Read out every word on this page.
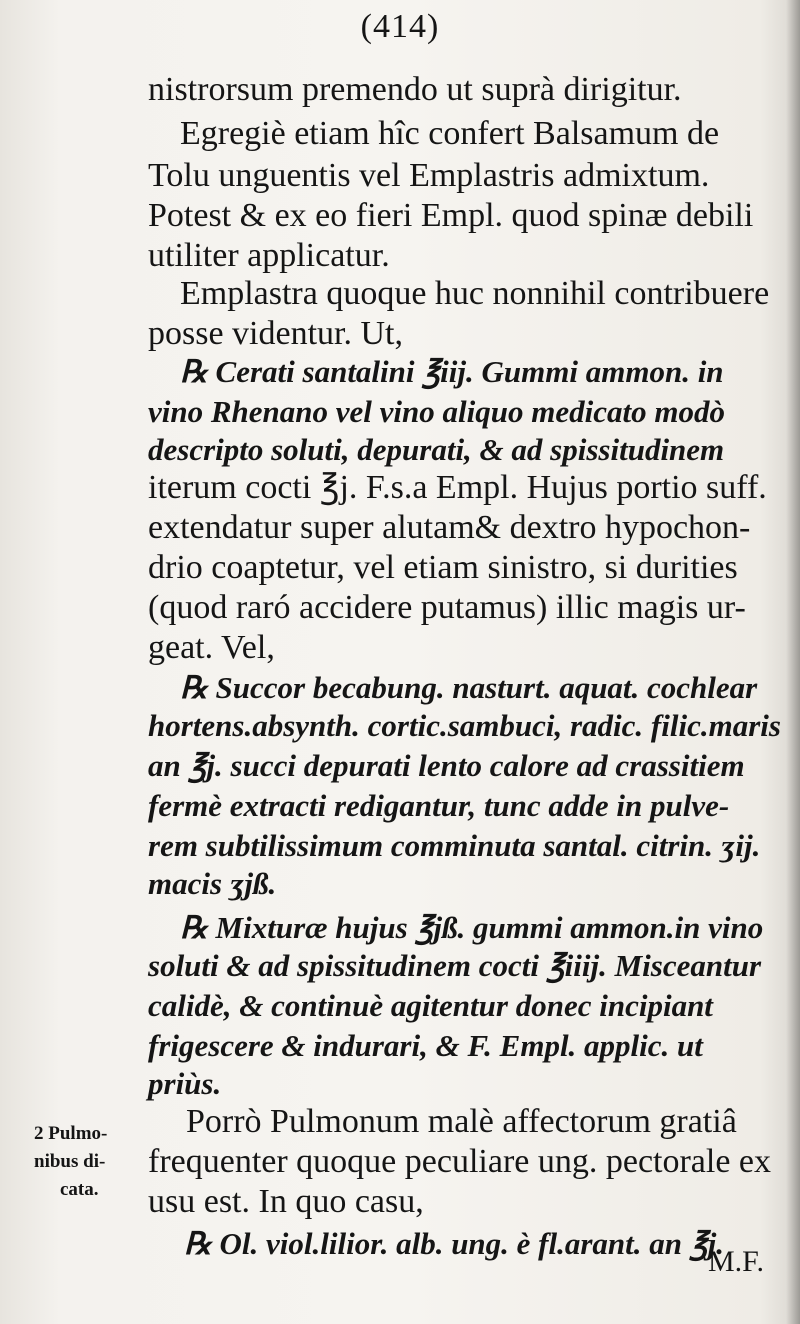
(414)
nistrorsum premendo ut suprà dirigitur.
Egregiè etiam hîc confert Balsamum de
Tolu unguentis vel Emplastris admixtum.
Potest & ex eo fieri Empl. quod spinæ debili
utiliter applicatur.
Emplastra quoque huc nonnihil contribuere
posse videntur. Ut,
℞ Cerati santalini ℥iij. Gummi ammon. in
vino Rhenano vel vino aliquo medicato modò
descripto soluti, depurati, & ad spissitudinem
iterum cocti ℥j. F.s.a Empl. Hujus portio suff.
extendatur super alutam& dextro hypochon-
drio coaptetur, vel etiam sinistro, si durities
(quod raró accidere putamus) illic magis ur-
geat. Vel,
℞ Succor becabung. nasturt. aquat. cochlear
hortens.absynth. cortic.sambuci, radic. filic.maris
an ℥j. succi depurati lento calore ad crassitiem
fermè extracti redigantur, tunc adde in pulve-
rem subtilissimum comminuta santal. citrin. ʒij.
macis ʒjß.
℞ Mixturæ hujus ℥jß. gummi ammon.in vino
soluti & ad spissitudinem cocti ℥iiij. Misceantur
calidè, & continuè agitentur donec incipiant
frigescere & indurari, & F. Empl. applic. ut
priùs.
Porrò Pulmonum malè affectorum gratiâ
frequenter quoque peculiare ung. pectorale ex
usu est. In quo casu,
℞ Ol. viol.lilior. alb. ung. è fl.arant. an ℥j.
M.F.
2 Pulmo-
nibus di-
cata.
